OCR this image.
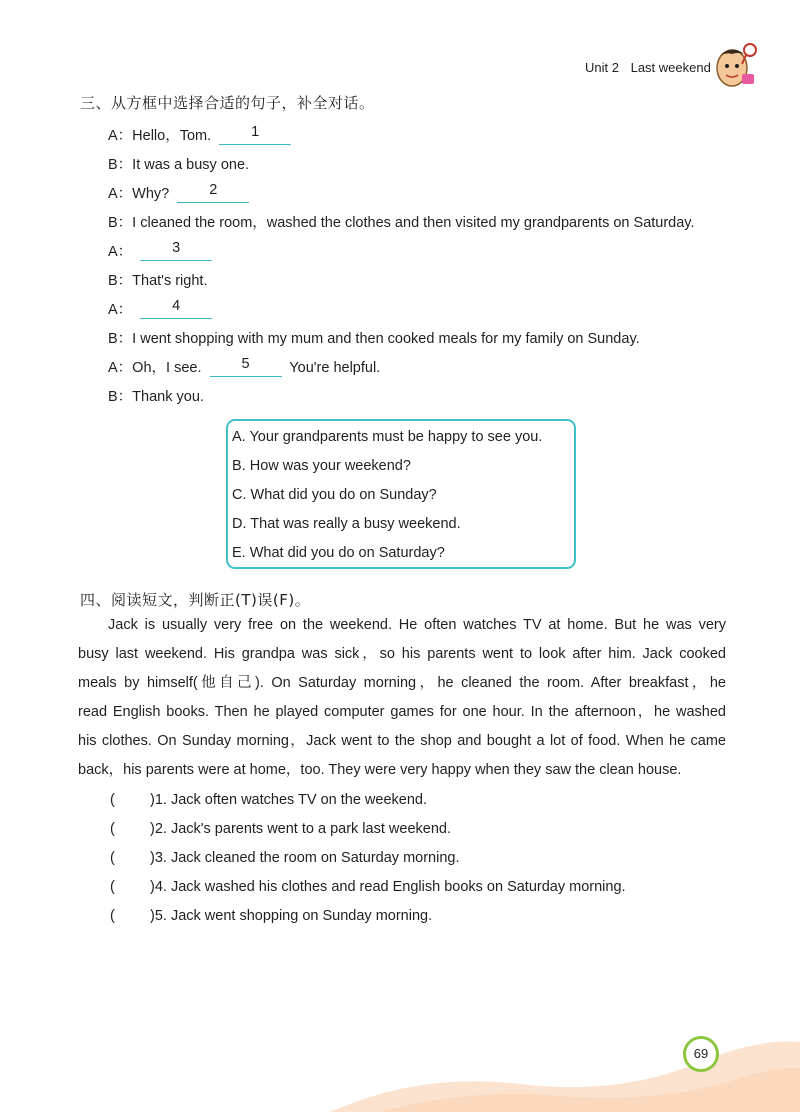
Unit 2 Last weekend
三、从方框中选择合适的句子，补全对话。
A：Hello，Tom.	1
B：It was a busy one.
A：Why?	2
B：I cleaned the room，washed the clothes and then visited my grandparents on Saturday.
A：	3
B：That's right.
A：	4
B：I went shopping with my mum and then cooked meals for my family on Sunday.
A：Oh，I see.	5	You're helpful.
B：Thank you.
A. Your grandparents must be happy to see you.
B. How was your weekend?
C. What did you do on Sunday?
D. That was really a busy weekend.
E. What did you do on Saturday?
四、阅读短文，判断正(T)误(F)。
Jack is usually very free on the weekend. He often watches TV at home. But he was very
busy last weekend. His grandpa was sick，so his parents went to look after him. Jack cooked
meals by himself(他自己). On Saturday morning，he cleaned the room. After breakfast，he
read English books. Then he played computer games for one hour. In the afternoon，he washed
his clothes. On Sunday morning，Jack went to the shop and bought a lot of food. When he came
back，his parents were at home，too. They were very happy when they saw the clean house.
( )1. Jack often watches TV on the weekend.
( )2. Jack's parents went to a park last weekend.
( )3. Jack cleaned the room on Saturday morning.
( )4. Jack washed his clothes and read English books on Saturday morning.
( )5. Jack went shopping on Sunday morning.
69
